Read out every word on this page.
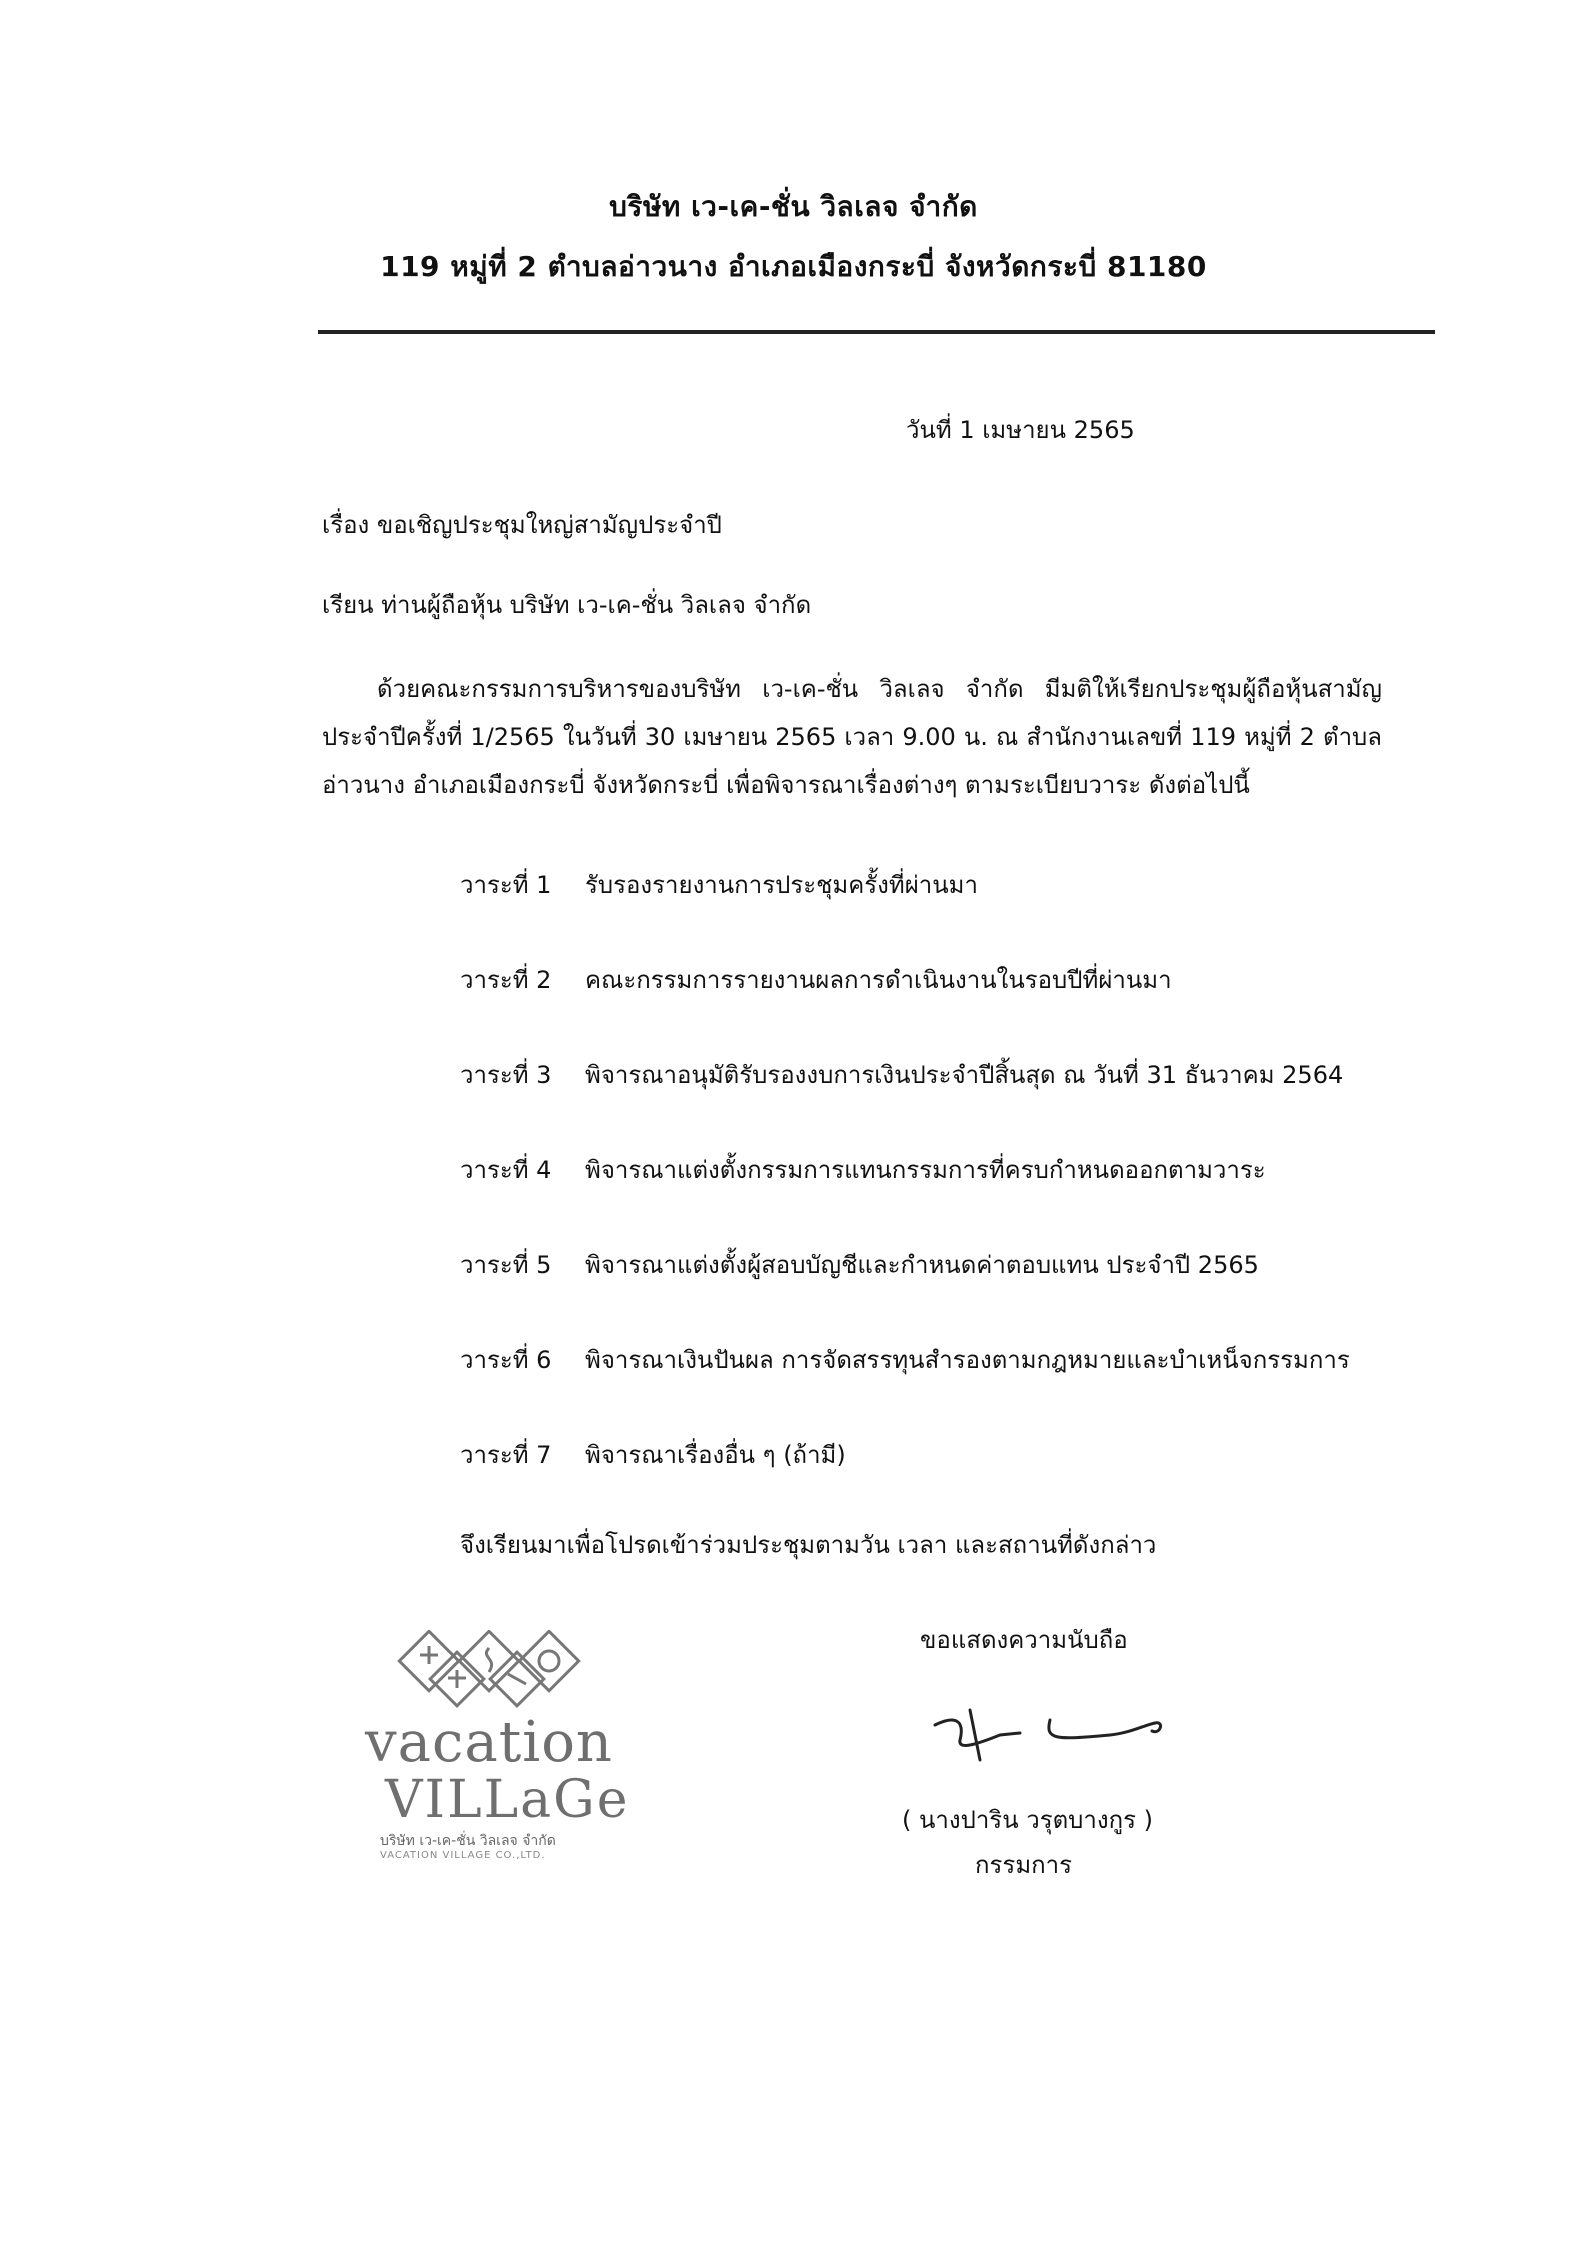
บริษัท เว-เค-ชั่น วิลเลจ จำกัด
119 หมู่ที่ 2 ตำบลอ่าวนาง อำเภอเมืองกระบี่ จังหวัดกระบี่ 81180
วันที่ 1 เมษายน 2565
เรื่อง ขอเชิญประชุมใหญ่สามัญประจำปี
เรียน ท่านผู้ถือหุ้น บริษัท เว-เค-ชั่น วิลเลจ จำกัด
ด้วยคณะกรรมการบริหารของบริษัท เว-เค-ชั่น วิลเลจ จำกัด มีมติให้เรียกประชุมผู้ถือหุ้นสามัญประจำปีครั้งที่ 1/2565 ในวันที่ 30 เมษายน 2565 เวลา 9.00 น. ณ สำนักงานเลขที่ 119 หมู่ที่ 2 ตำบลอ่าวนาง อำเภอเมืองกระบี่ จังหวัดกระบี่ เพื่อพิจารณาเรื่องต่างๆ ตามระเบียบวาระ ดังต่อไปนี้
วาระที่ 1 รับรองรายงานการประชุมครั้งที่ผ่านมา
วาระที่ 2 คณะกรรมการรายงานผลการดำเนินงานในรอบปีที่ผ่านมา
วาระที่ 3 พิจารณาอนุมัติรับรองงบการเงินประจำปีสิ้นสุด ณ วันที่ 31 ธันวาคม 2564
วาระที่ 4 พิจารณาแต่งตั้งกรรมการแทนกรรมการที่ครบกำหนดออกตามวาระ
วาระที่ 5 พิจารณาแต่งตั้งผู้สอบบัญชีและกำหนดค่าตอบแทน ประจำปี 2565
วาระที่ 6 พิจารณาเงินปันผล การจัดสรรทุนสำรองตามกฎหมายและบำเหน็จกรรมการ
วาระที่ 7 พิจารณาเรื่องอื่น ๆ (ถ้ามี)
จึงเรียนมาเพื่อโปรดเข้าร่วมประชุมตามวัน เวลา และสถานที่ดังกล่าว
ขอแสดงความนับถือ
( นางปาริน วรุตบางกูร )
กรรมการ
vacation
VILLaGe
บริษัท เว-เค-ชั่น วิลเลจ จำกัด
VACATION VILLAGE CO.,LTD.
